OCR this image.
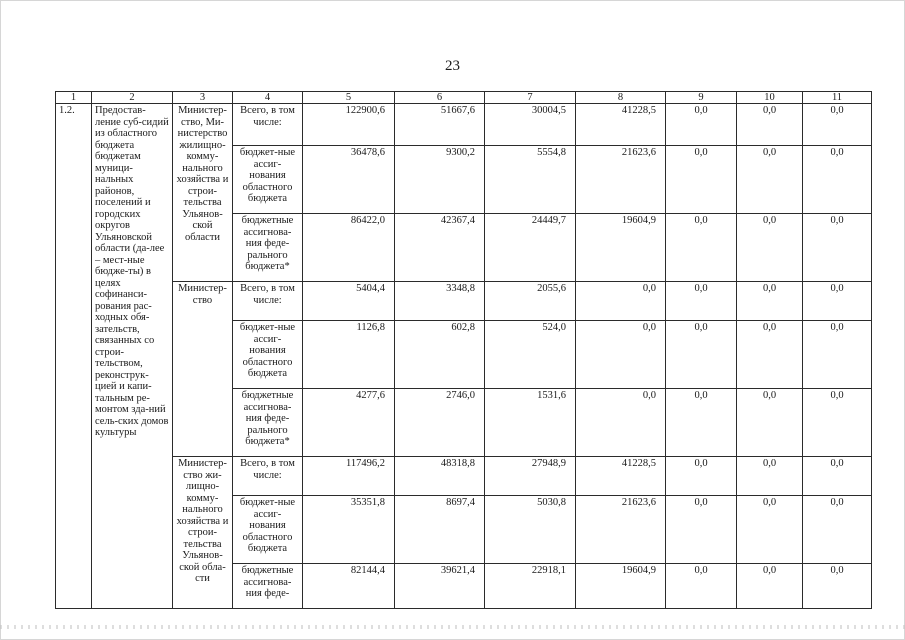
23
1	2	3	4	5	6	7	8	9	10	11
1.2.	Предостав-ление суб-сидий из областного бюджета бюджетам муници-нальных районов, поселений и городских округов Ульяновской области (да-лее – мест-ные бюдже-ты) в целях софинанси-рования рас-ходных обя-зательств, связанных со строи-тельством, реконструк-цией и капи-тальным ре-монтом зда-ний сель-ских домов культуры	Министер-ство, Ми-нистерство жилищно-комму-нального хозяйства и строи-тельства Ульянов-ской области	Всего, в том числе:	122900,6	51667,6	30004,5	41228,5	0,0	0,0	0,0
			бюджет-ные ассиг-нования областного бюджета	36478,6	9300,2	5554,8	21623,6	0,0	0,0	0,0
			бюджетные ассигнова-ния феде-рального бюджета*	86422,0	42367,4	24449,7	19604,9	0,0	0,0	0,0
		Министер-ство	Всего, в том числе:	5404,4	3348,8	2055,6	0,0	0,0	0,0	0,0
			бюджет-ные ассиг-нования областного бюджета	1126,8	602,8	524,0	0,0	0,0	0,0	0,0
			бюджетные ассигнова-ния феде-рального бюджета*	4277,6	2746,0	1531,6	0,0	0,0	0,0	0,0
		Министер-ство жи-лищно-комму-нального хозяйства и строи-тельства Ульянов-ской обла-сти	Всего, в том числе:	117496,2	48318,8	27948,9	41228,5	0,0	0,0	0,0
			бюджет-ные ассиг-нования областного бюджета	35351,8	8697,4	5030,8	21623,6	0,0	0,0	0,0

			бюджетные ассигнова-ния феде-	82144,4	39621,4	22918,1	19604,9	0,0	0,0	0,0
